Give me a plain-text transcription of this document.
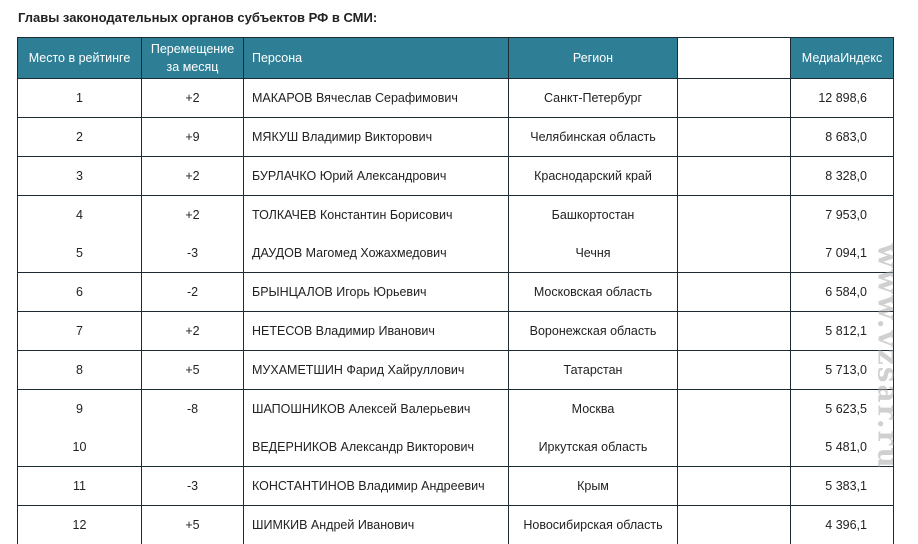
Главы законодательных органов субъектов РФ в СМИ:
Место в рейтинге	Перемещение за месяц	Персона	Регион		МедиаИндекс
1	+2	МАКАРОВ Вячеслав Серафимович	Санкт-Петербург		12 898,6
2	+9	МЯКУШ Владимир Викторович	Челябинская область		8 683,0
3	+2	БУРЛАЧКО Юрий Александрович	Краснодарский край		8 328,0
4	+2	ТОЛКАЧЕВ Константин Борисович	Башкортостан		7 953,0
5	-3	ДАУДОВ Магомед Хожахмедович	Чечня		7 094,1
6	-2	БРЫНЦАЛОВ Игорь Юрьевич	Московская область		6 584,0
7	+2	НЕТЕСОВ Владимир Иванович	Воронежская область		5 812,1
8	+5	МУХАМЕТШИН Фарид Хайруллович	Татарстан		5 713,0
9	-8	ШАПОШНИКОВ Алексей Валерьевич	Москва		5 623,5
10		ВЕДЕРНИКОВ Александр Викторович	Иркутская область		5 481,0
11	-3	КОНСТАНТИНОВ Владимир Андреевич	Крым		5 383,1
12	+5	ШИМКИВ Андрей Иванович	Новосибирская область		4 396,1
www.vzsar.ru
